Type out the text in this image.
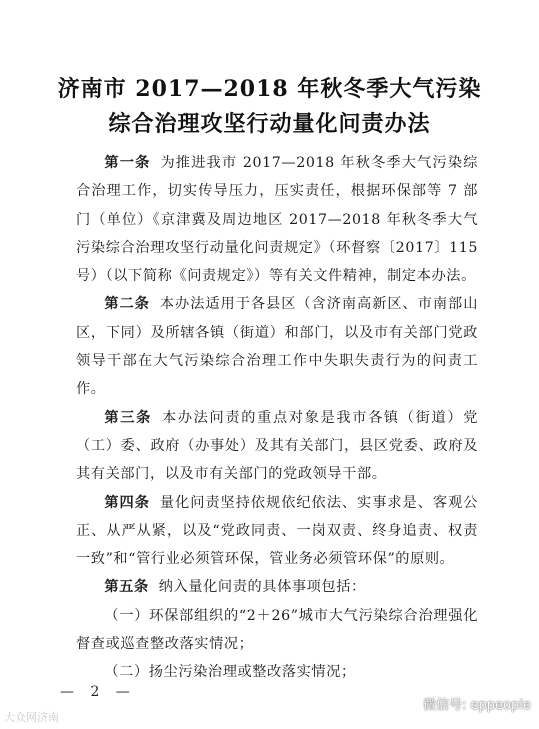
济南市 2017—2018 年秋冬季大气污染
综合治理攻坚行动量化问责办法

第一条 为推进我市 2017—2018 年秋冬季大气污染综合治理工作，切实传导压力，压实责任，根据环保部等 7 部门（单位）《京津冀及周边地区 2017—2018 年秋冬季大气污染综合治理攻坚行动量化问责规定》（环督察〔2017〕115 号）（以下简称《问责规定》）等有关文件精神，制定本办法。

第二条 本办法适用于各县区（含济南高新区、市南部山区，下同）及所辖各镇（街道）和部门，以及市有关部门党政领导干部在大气污染综合治理工作中失职失责行为的问责工作。

第三条 本办法问责的重点对象是我市各镇（街道）党（工）委、政府（办事处）及其有关部门，县区党委、政府及其有关部门，以及市有关部门的党政领导干部。

第四条 量化问责坚持依规依纪依法、实事求是、客观公正、从严从紧，以及“党政同责、一岗双责、终身追责、权责一致”和“管行业必须管环保，管业务必须管环保”的原则。

第五条 纳入量化问责的具体事项包括：

（一）环保部组织的“2＋26”城市大气污染综合治理强化督查或巡查整改落实情况；

（二）扬尘污染治理或整改落实情况；

— 2 —
大众网济南
微信号: eppeople
